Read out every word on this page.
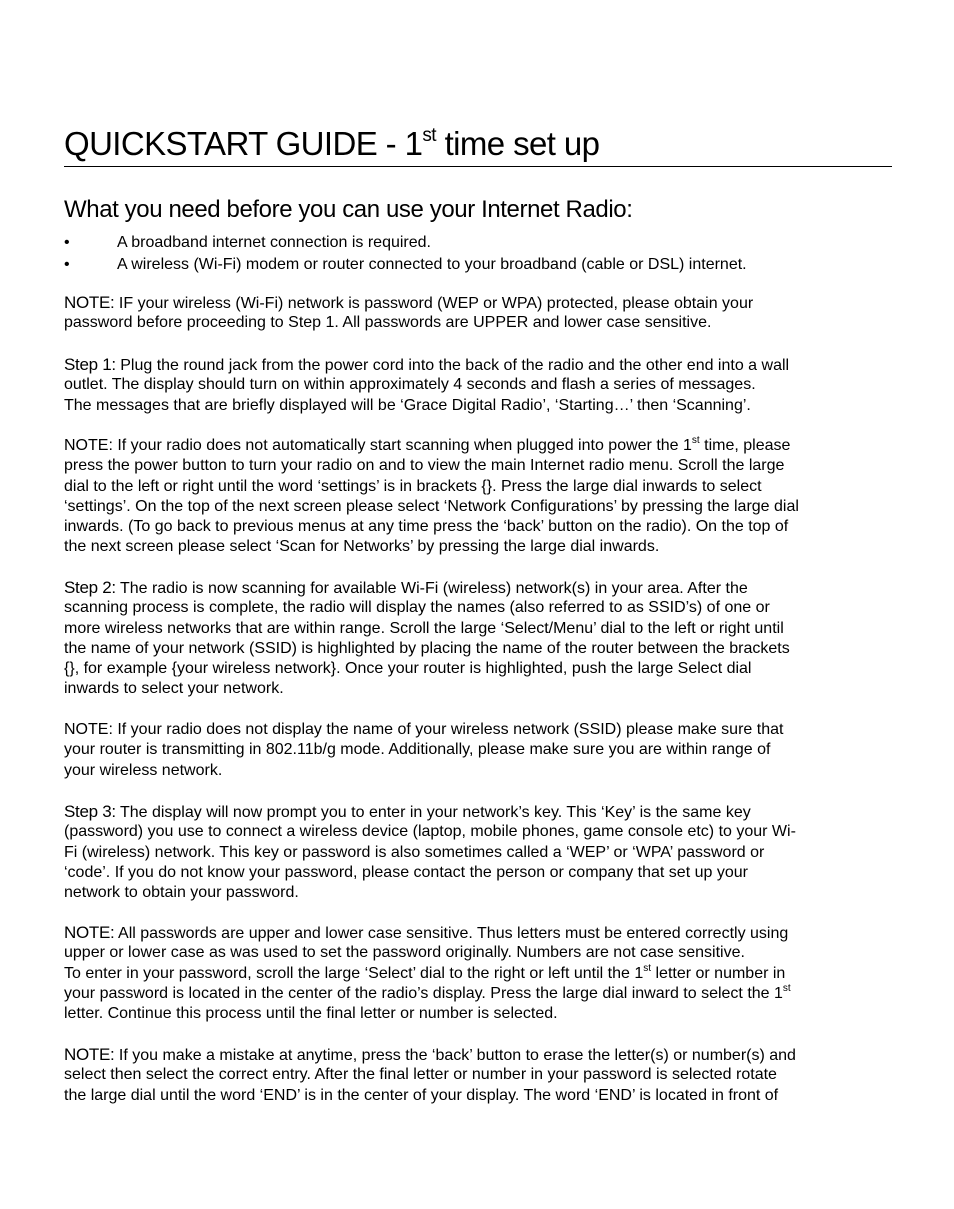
QUICKSTART GUIDE - 1st time set up
What you need before you can use your Internet Radio:
•	A broadband internet connection is required.
•	A wireless (Wi-Fi) modem or router connected to your broadband (cable or DSL) internet.
NOTE: IF your wireless (Wi-Fi) network is password (WEP or WPA) protected, please obtain your
password before proceeding to Step 1. All passwords are UPPER and lower case sensitive.
Step 1: Plug the round jack from the power cord into the back of the radio and the other end into a wall
outlet. The display should turn on within approximately 4 seconds and flash a series of messages.
The messages that are briefly displayed will be ‘Grace Digital Radio’, ‘Starting…’ then ‘Scanning’.
NOTE: If your radio does not automatically start scanning when plugged into power the 1st time, please
press the power button to turn your radio on and to view the main Internet radio menu. Scroll the large
dial to the left or right until the word ‘settings’ is in brackets {}. Press the large dial inwards to select
‘settings’. On the top of the next screen please select ‘Network Configurations’ by pressing the large dial
inwards. (To go back to previous menus at any time press the ‘back’ button on the radio). On the top of
the next screen please select ‘Scan for Networks’ by pressing the large dial inwards.
Step 2: The radio is now scanning for available Wi-Fi (wireless) network(s) in your area. After the
scanning process is complete, the radio will display the names (also referred to as SSID’s) of one or
more wireless networks that are within range. Scroll the large ‘Select/Menu’ dial to the left or right until
the name of your network (SSID) is highlighted by placing the name of the router between the brackets
{}, for example {your wireless network}. Once your router is highlighted, push the large Select dial
inwards to select your network.
NOTE: If your radio does not display the name of your wireless network (SSID) please make sure that
your router is transmitting in 802.11b/g mode. Additionally, please make sure you are within range of
your wireless network.
Step 3: The display will now prompt you to enter in your network’s key. This ‘Key’ is the same key
(password) you use to connect a wireless device (laptop, mobile phones, game console etc) to your Wi-
Fi (wireless) network. This key or password is also sometimes called a ‘WEP’ or ‘WPA’ password or
‘code’. If you do not know your password, please contact the person or company that set up your
network to obtain your password.
NOTE: All passwords are upper and lower case sensitive. Thus letters must be entered correctly using
upper or lower case as was used to set the password originally. Numbers are not case sensitive.
To enter in your password, scroll the large ‘Select’ dial to the right or left until the 1st letter or number in
your password is located in the center of the radio’s display. Press the large dial inward to select the 1st
letter. Continue this process until the final letter or number is selected.
NOTE: If you make a mistake at anytime, press the ‘back’ button to erase the letter(s) or number(s) and
select then select the correct entry. After the final letter or number in your password is selected rotate
the large dial until the word ‘END’ is in the center of your display. The word ‘END’ is located in front of
